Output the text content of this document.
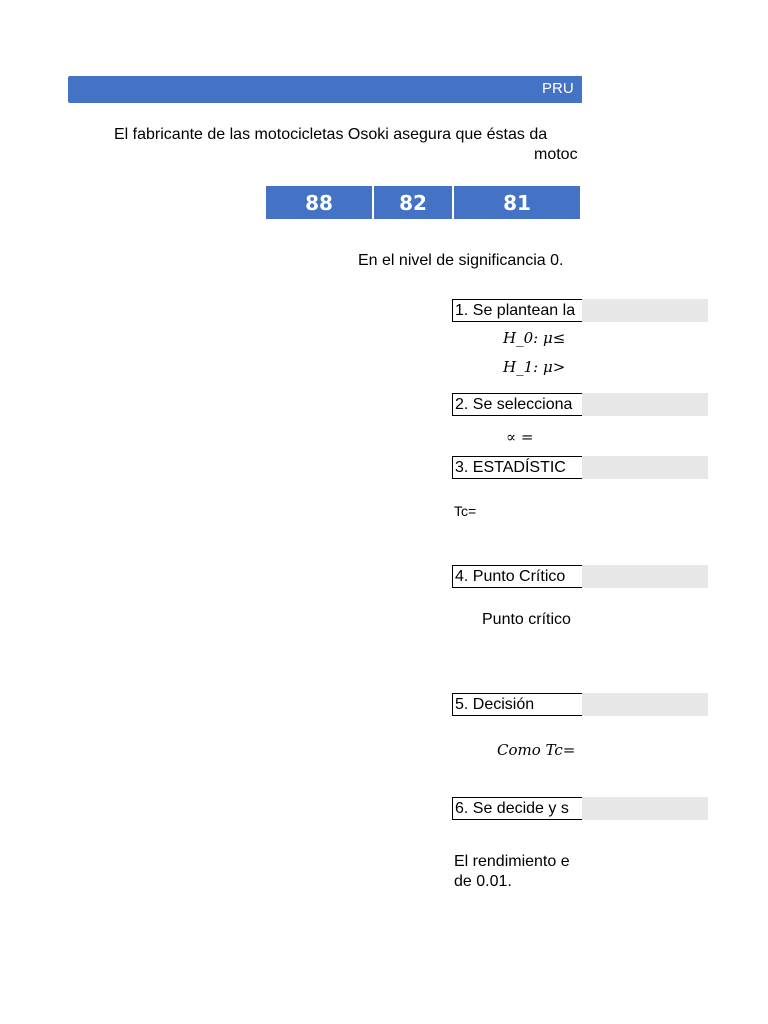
PRU
El fabricante de las motocicletas Osoki asegura que éstas da
motoc
88	82	81
En el nivel de significancia 0.
1. Se plantean la
H_0: μ≤
H_1: μ>
2. Se selecciona
∝ =
3. ESTADÍSTIC
Tc=
4. Punto Crítico
Punto crítico
5. Decisión
Como Tc=
6. Se decide y s
El rendimiento e
de 0.01.
